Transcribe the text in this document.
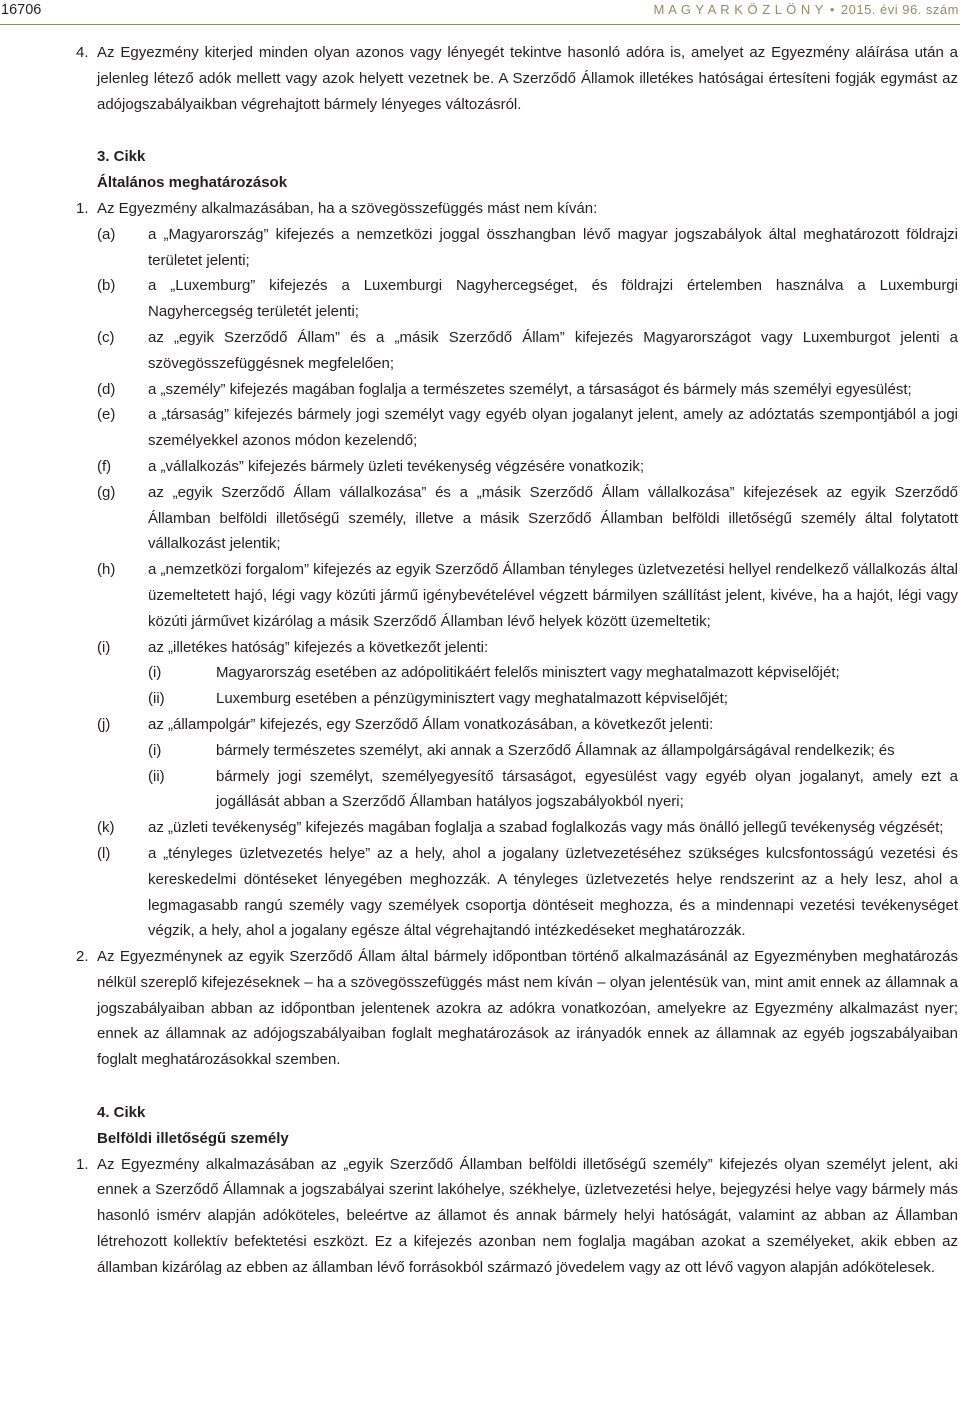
16706	M A G Y A R K Ö Z L Ö N Y • 2015. évi 96. szám
4. Az Egyezmény kiterjed minden olyan azonos vagy lényegét tekintve hasonló adóra is, amelyet az Egyezmény aláírása után a jelenleg létező adók mellett vagy azok helyett vezetnek be. A Szerződő Államok illetékes hatóságai értesíteni fogják egymást az adójogszabályaikban végrehajtott bármely lényeges változásról.
3. Cikk
Általános meghatározások
1. Az Egyezmény alkalmazásában, ha a szövegösszefüggés mást nem kíván:
(a) a „Magyarország” kifejezés a nemzetközi joggal összhangban lévő magyar jogszabályok által meghatározott földrajzi területet jelenti;
(b) a „Luxemburg” kifejezés a Luxemburgi Nagyhercegséget, és földrajzi értelemben használva a Luxemburgi Nagyhercegség területét jelenti;
(c) az „egyik Szerződő Állam” és a „másik Szerződő Állam” kifejezés Magyarországot vagy Luxemburgot jelenti a szövegösszefüggésnek megfelelően;
(d) a „személy” kifejezés magában foglalja a természetes személyt, a társaságot és bármely más személyi egyesülést;
(e) a „társaság” kifejezés bármely jogi személyt vagy egyéb olyan jogalanyt jelent, amely az adóztatás szempontjából a jogi személyekkel azonos módon kezelendő;
(f) a „vállalkozás” kifejezés bármely üzleti tevékenység végzésére vonatkozik;
(g) az „egyik Szerződő Állam vállalkozása” és a „másik Szerződő Állam vállalkozása” kifejezések az egyik Szerződő Államban belföldi illetőségű személy, illetve a másik Szerződő Államban belföldi illetőségű személy által folytatott vállalkozást jelentik;
(h) a „nemzetközi forgalom” kifejezés az egyik Szerződő Államban tényleges üzletvezetési hellyel rendelkező vállalkozás által üzemeltetett hajó, légi vagy közúti jármű igénybevételével végzett bármilyen szállítást jelent, kivéve, ha a hajót, légi vagy közúti járművet kizárólag a másik Szerződő Államban lévő helyek között üzemeltetik;
(i)	az „illetékes hatóság” kifejezés a következőt jelenti:
(i)	Magyarország esetében az adópolitikáért felelős minisztert vagy meghatalmazott képviselőjét;
(ii)	Luxemburg esetében a pénzügyminisztert vagy meghatalmazott képviselőjét;
(j)	az „állampolgár” kifejezés, egy Szerződő Állam vonatkozásában, a következőt jelenti:
(i)	bármely természetes személyt, aki annak a Szerződő Államnak az állampolgárságával rendelkezik; és
(ii)	bármely jogi személyt, személyegyesítő társaságot, egyesülést vagy egyéb olyan jogalanyt, amely ezt a jogállását abban a Szerződő Államban hatályos jogszabályokból nyeri;
(k) az „üzleti tevékenység” kifejezés magában foglalja a szabad foglalkozás vagy más önálló jellegű tevékenység végzését;
(l)	a „tényleges üzletvezetés helye” az a hely, ahol a jogalany üzletvezetéséhez szükséges kulcsfontosságú vezetési és kereskedelmi döntéseket lényegében meghozzák. A tényleges üzletvezetés helye rendszerint az a hely lesz, ahol a legmagasabb rangú személy vagy személyek csoportja döntéseit meghozza, és a mindennapi vezetési tevékenységet végzik, a hely, ahol a jogalany egésze által végrehajtandó intézkedéseket meghatározzák.
2. Az Egyezménynek az egyik Szerződő Állam által bármely időpontban történő alkalmazásánál az Egyezményben meghatározás nélkül szereplő kifejezéseknek – ha a szövegösszefüggés mást nem kíván – olyan jelentésük van, mint amit ennek az államnak a jogszabályaiban abban az időpontban jelentenek azokra az adókra vonatkozóan, amelyekre az Egyezmény alkalmazást nyer; ennek az államnak az adójogszabályaiban foglalt meghatározások az irányadók ennek az államnak az egyéb jogszabályaiban foglalt meghatározásokkal szemben.
4. Cikk
Belföldi illetőségű személy
1. Az Egyezmény alkalmazásában az „egyik Szerződő Államban belföldi illetőségű személy” kifejezés olyan személyt jelent, aki ennek a Szerződő Államnak a jogszabályai szerint lakóhelye, székhelye, üzletvezetési helye, bejegyzési helye vagy bármely más hasonló ismérv alapján adóköteles, beleértve az államot és annak bármely helyi hatóságát, valamint az abban az Államban létrehozott kollektív befektetési eszközt. Ez a kifejezés azonban nem foglalja magában azokat a személyeket, akik ebben az államban kizárólag az ebben az államban lévő forrásokból származó jövedelem vagy az ott lévő vagyon alapján adókötelesek.
